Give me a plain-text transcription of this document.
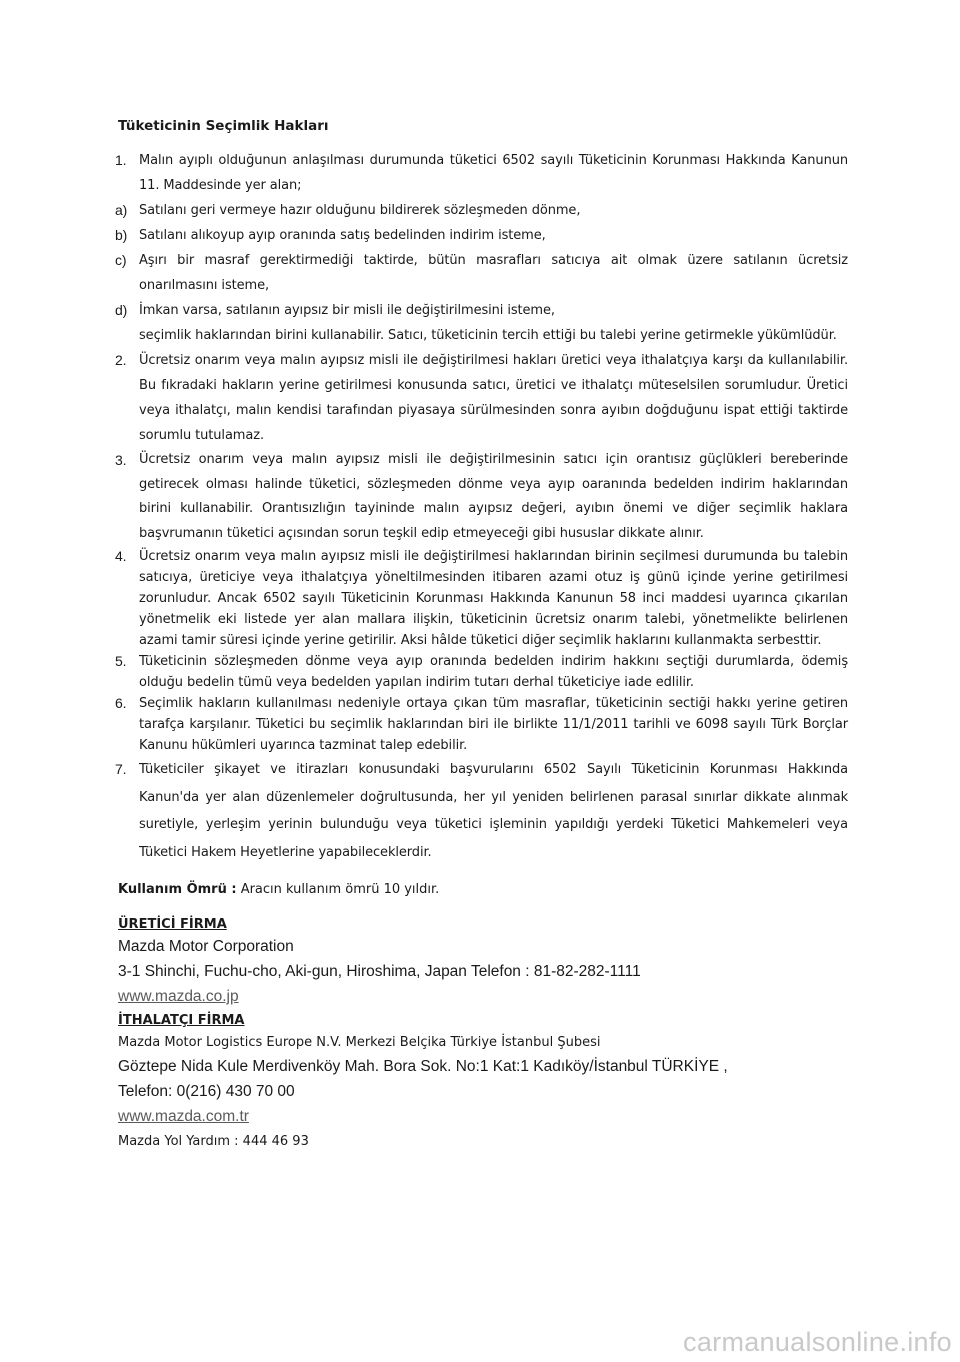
Tüketicinin Seçimlik Hakları
1. Malın ayıplı olduğunun anlaşılması durumunda tüketici 6502 sayılı Tüketicinin Korunması Hakkında Kanunun 11. Maddesinde yer alan;
a) Satılanı geri vermeye hazır olduğunu bildirerek sözleşmeden dönme,
b) Satılanı alıkoyup ayıp oranında satış bedelinden indirim isteme,
c) Aşırı bir masraf gerektirmediği taktirde, bütün masrafları satıcıya ait olmak üzere satılanın ücretsiz onarılmasını isteme,
d) İmkan varsa, satılanın ayıpsız bir misli ile değiştirilmesini isteme,
seçimlik haklarından birini kullanabilir. Satıcı, tüketicinin tercih ettiği bu talebi yerine getirmekle yükümlüdür.
2. Ücretsiz onarım veya malın ayıpsız misli ile değiştirilmesi hakları üretici veya ithalatçıya karşı da kullanılabilir. Bu fıkradaki hakların yerine getirilmesi konusunda satıcı, üretici ve ithalatçı müteselsilen sorumludur. Üretici veya ithalatçı, malın kendisi tarafından piyasaya sürülmesinden sonra ayıbın doğduğunu ispat ettiği taktirde sorumlu tutulamaz.
3. Ücretsiz onarım veya malın ayıpsız misli ile değiştirilmesinin satıcı için orantısız güçlükleri bereberinde getirecek olması halinde tüketici, sözleşmeden dönme veya ayıp oaranında bedelden indirim haklarından birini kullanabilir. Orantısızlığın tayininde malın ayıpsız değeri, ayıbın önemi ve diğer seçimlik haklara başvrumanın tüketici açısından sorun teşkil edip etmeyeceği gibi hususlar dikkate alınır.
4. Ücretsiz onarım veya malın ayıpsız misli ile değiştirilmesi haklarından birinin seçilmesi durumunda bu talebin satıcıya, üreticiye veya ithalatçıya yöneltilmesinden itibaren azami otuz iş günü içinde yerine getirilmesi zorunludur. Ancak 6502 sayılı Tüketicinin Korunması Hakkında Kanunun 58 inci maddesi uyarınca çıkarılan yönetmelik eki listede yer alan mallara ilişkin, tüketicinin ücretsiz onarım talebi, yönetmelikte belirlenen azami tamir süresi içinde yerine getirilir. Aksi hâlde tüketici diğer seçimlik haklarını kullanmakta serbesttir.
5. Tüketicinin sözleşmeden dönme veya ayıp oranında bedelden indirim hakkını seçtiği durumlarda, ödemiş olduğu bedelin tümü veya bedelden yapılan indirim tutarı derhal tüketiciye iade edlilir.
6. Seçimlik hakların kullanılması nedeniyle ortaya çıkan tüm masraflar, tüketicinin sectiği hakkı yerine getiren tarafça karşılanır. Tüketici bu seçimlik haklarından biri ile birlikte 11/1/2011 tarihli ve 6098 sayılı Türk Borçlar Kanunu hükümleri uyarınca tazminat talep edebilir.
7. Tüketiciler şikayet ve itirazları konusundaki başvurularını 6502 Sayılı Tüketicinin Korunması Hakkında Kanun'da yer alan düzenlemeler doğrultusunda, her yıl yeniden belirlenen parasal sınırlar dikkate alınmak suretiyle, yerleşim yerinin bulunduğu veya tüketici işleminin yapıldığı yerdeki Tüketici Mahkemeleri veya Tüketici Hakem Heyetlerine yapabileceklerdir.
Kullanım Ömrü : Aracın kullanım ömrü 10 yıldır.
ÜRETİCİ FİRMA
Mazda Motor Corporation
3-1 Shinchi, Fuchu-cho, Aki-gun, Hiroshima, Japan Telefon : 81-82-282-1111
www.mazda.co.jp
İTHALATÇI FİRMA
Mazda Motor Logistics Europe N.V. Merkezi Belçika Türkiye İstanbul Şubesi
Göztepe Nida Kule Merdivenköy Mah. Bora Sok. No:1 Kat:1 Kadıköy/İstanbul TÜRKİYE ,
Telefon: 0(216) 430 70 00
www.mazda.com.tr
Mazda Yol Yardım : 444 46 93
carmanualsonline.info
